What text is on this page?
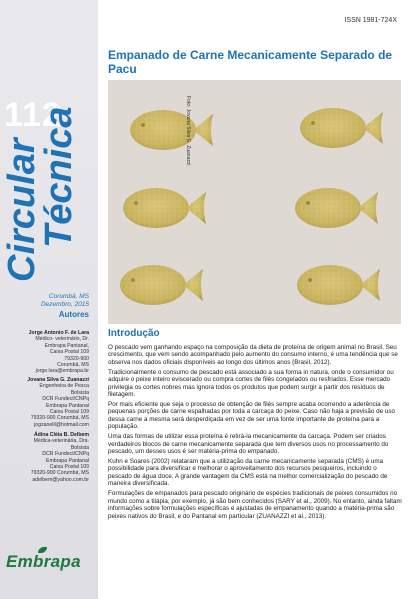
ISSN 1981-724X
112
Circular
Técnica
Corumbá, MS
Dezembro, 2015
Autores
Jorge Antonio F. de Lara
Médico- veterinário, Dr.
Embrapa Pantanal,
Caixa Postal 109
79320-900
Corumbá, MS
jorge.lara@embrapa.br
Jovana Silva G. Zuanazzi
Engenheira de Pesca
Bolsista
DCR Fundect/CNPq
Embrapa Pantanal
Caixa Postal 109
79320-900 Corumbá, MS
jogzanelli@hotmail.com
Ádina Cléia B. Delbem
Médica-veterinária, Dra.
Bolsista
DCR Fundect/CNPq
Embrapa Pantanal
Caixa Postal 109
79320-900 Corumbá, MS
adelbem@yahoo.com.br
Embrapa
Empanado de Carne Mecanicamente Separado de Pacu
Foto: Jovana Silva G. Zuanazzi
Introdução

O pescado vem ganhando espaço na composição da dieta de proteína de origem animal no Brasil. Seu crescimento, que vem sendo acompanhado pelo aumento do consumo interno, é uma tendência que se observa nos dados oficiais disponíveis ao longo dos últimos anos (Brasil, 2012).

Tradicionalmente o consumo de pescado está associado a sua forma in natura, onde o consumidor ou adquire o peixe inteiro eviscerado ou compra cortes de filés congelados ou resfriados. Esse mercado privilegia os cortes nobres mas ignora todos os produtos que podem surgir a partir dos resíduos de filetagem.

Por mais eficiente que seja o processo de obtenção de filés sempre acaba ocorrendo a aderência de pequenas porções de carne espalhadas por toda a carcaça do peixe. Caso não haja a previsão de uso dessa carne a mesma será desperdiçada em vez de ser uma fonte importante de proteína para a população.

Uma das formas de utilizar essa proteína é retirá-la mecanicamente da carcaça. Podem ser criados verdadeiros blocos de carne mecanicamente separada que tem diversos usos no processamento do pescado, um desses usos é ser matéria-prima do empanado.

Kuhn e Soares (2002) relataram que a utilização da carne mecanicamente separada (CMS) é uma possibilidade para diversificar e melhorar o aproveitamento dos recursos pesqueiros, incluindo o pescado de água doce. A grande vantagem da CMS está na melhor comercialização do pescado de maneira diversificada.

Formulações de empanados para pescado originário de espécies tradicionais de peixes consumidos no mundo como a tilápia, por exemplo, já são bem conhecidos (SARY et al., 2009). No entanto, ainda faltam informações sobre formulações específicas e ajustadas de empanamento quando a matéria-prima são peixes nativos do Brasil, e do Pantanal em particular (ZUANAZZI et al., 2013).
